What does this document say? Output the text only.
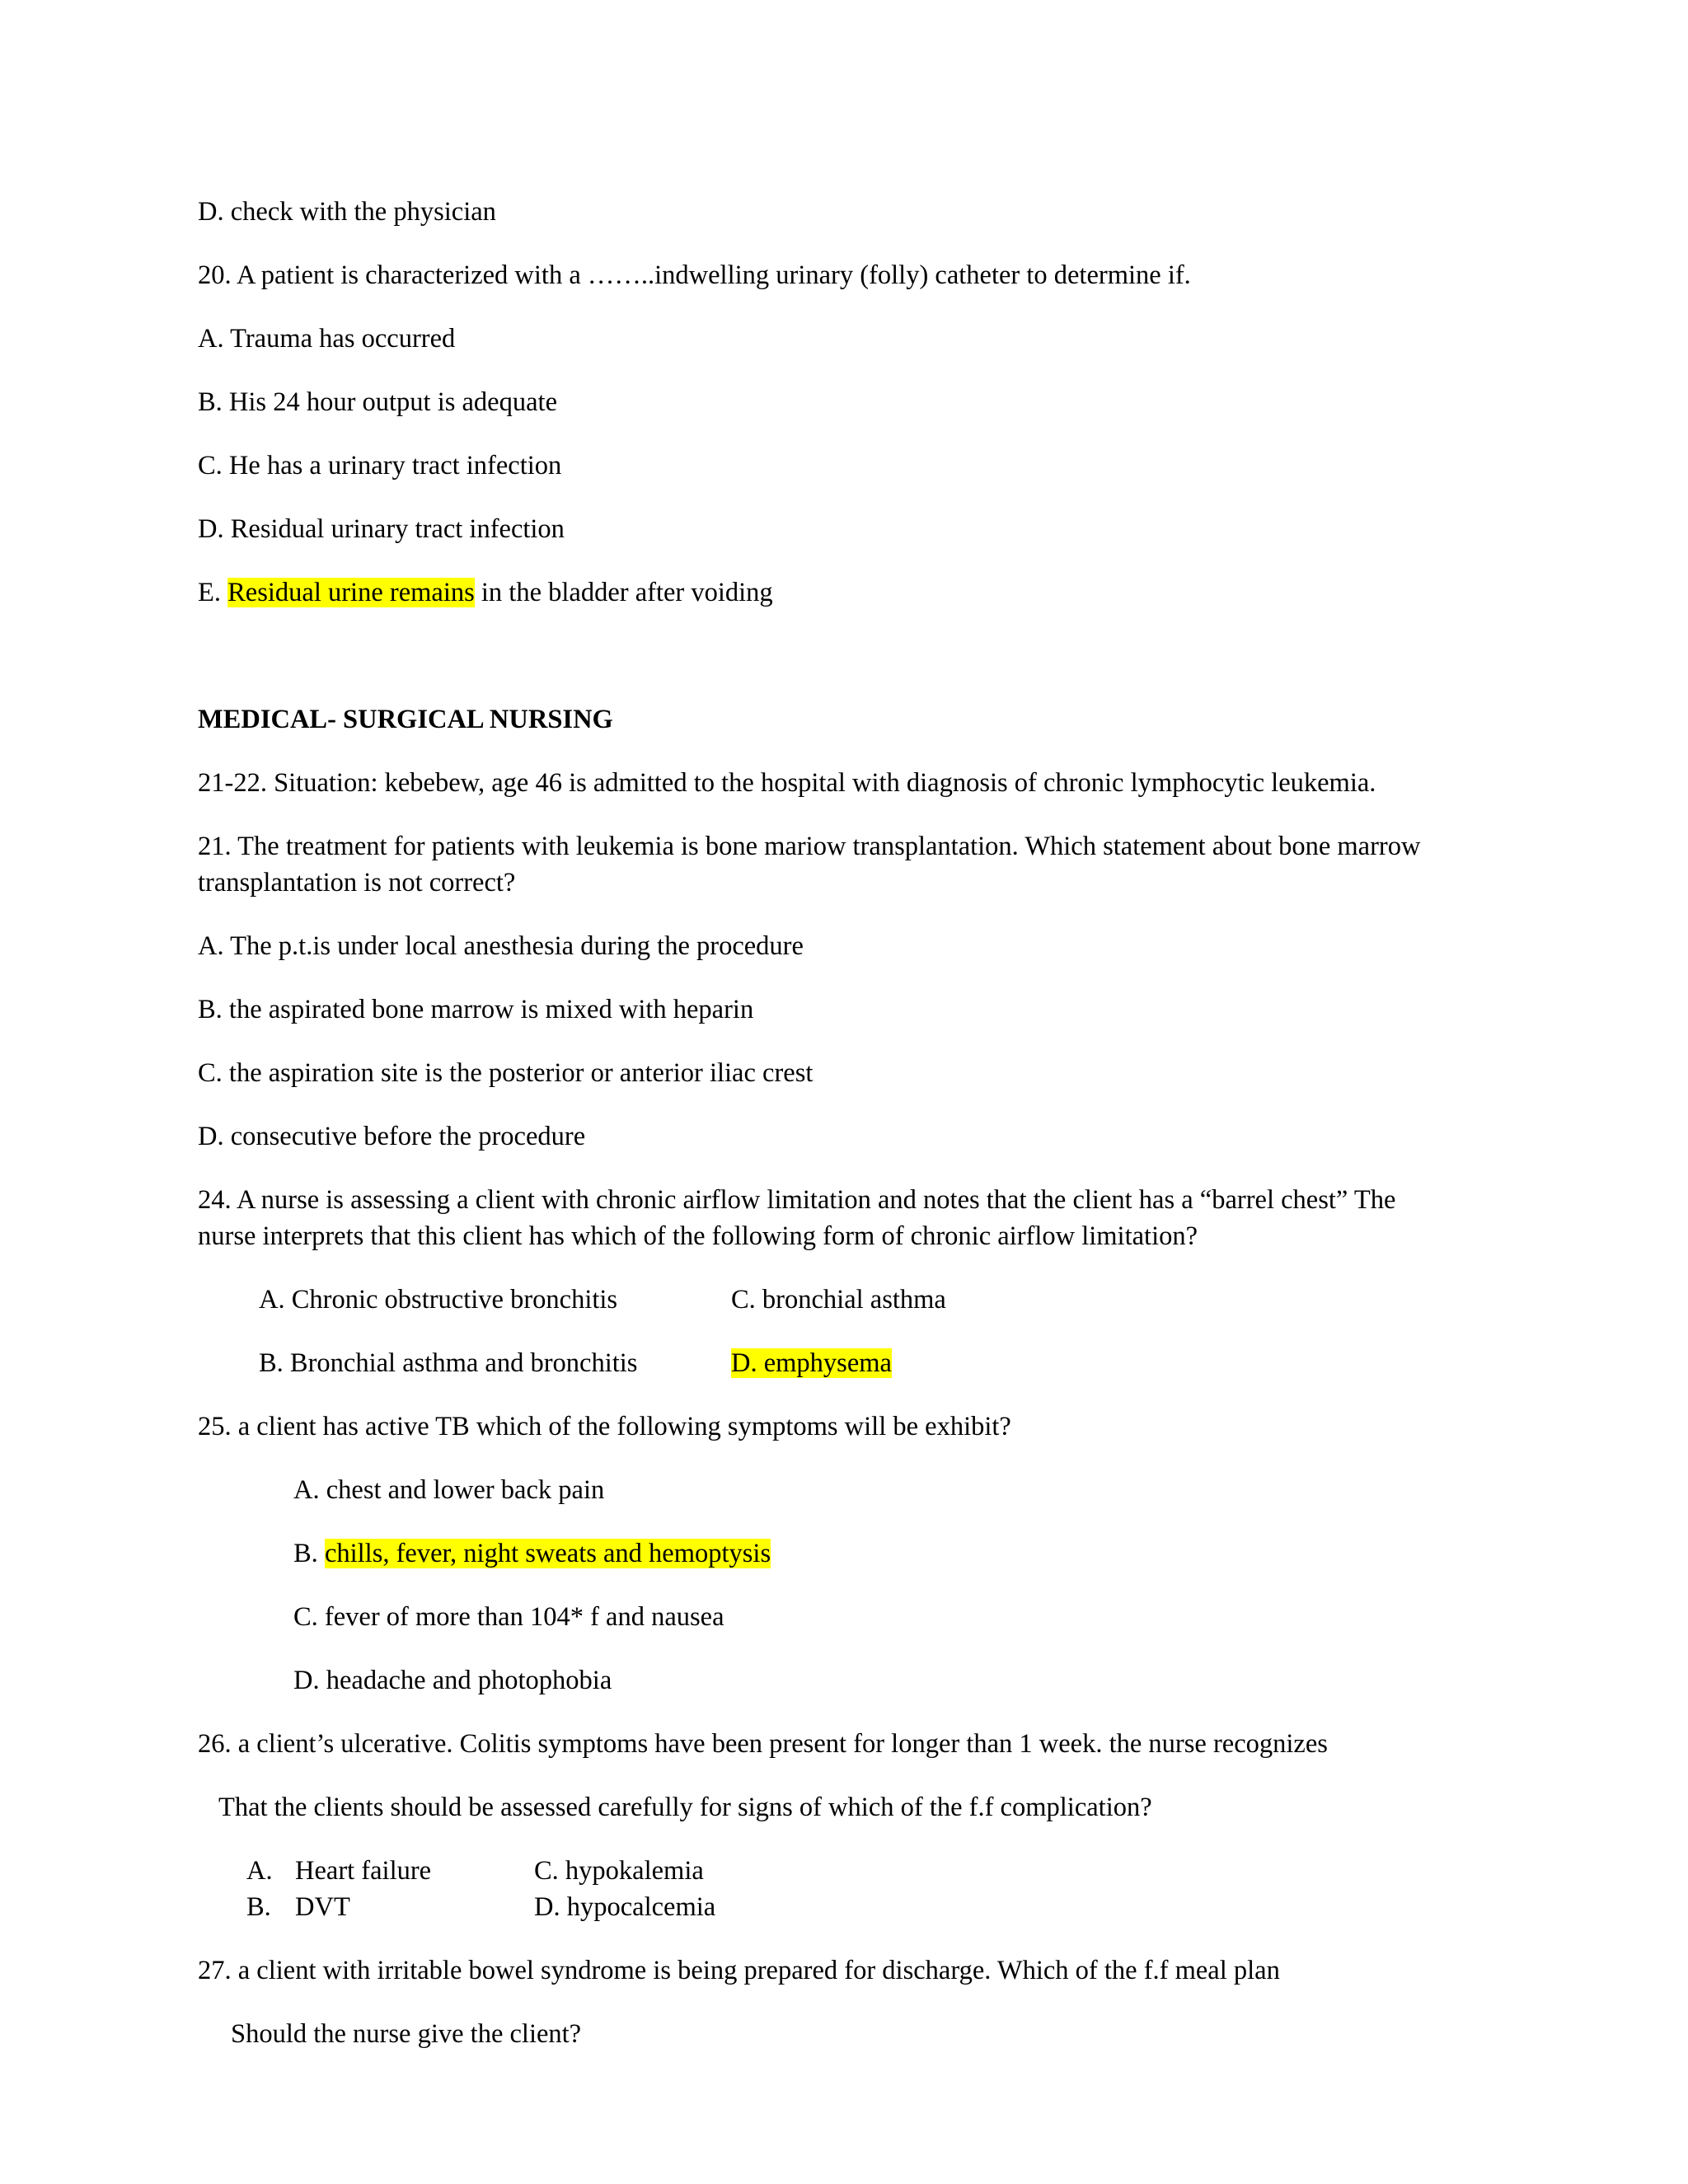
D. check with the physician
20. A patient is characterized with a ……..indwelling urinary (folly) catheter to determine if.
A. Trauma has occurred
B. His 24 hour output is adequate
C. He has a urinary tract infection
D. Residual urinary tract infection
E. Residual urine remains in the bladder after voiding
MEDICAL- SURGICAL NURSING
21-22. Situation: kebebew, age 46 is admitted to the hospital with diagnosis of chronic lymphocytic leukemia.
21. The treatment for patients with leukemia is bone mariow transplantation. Which statement about bone marrow
transplantation is not correct?
A. The p.t.is under local anesthesia during the procedure
B. the aspirated bone marrow is mixed with heparin
C. the aspiration site is the posterior or anterior iliac crest
D. consecutive before the procedure
24. A nurse is assessing a client with chronic airflow limitation and notes that the client has a “barrel chest” The
nurse interprets that this client has which of the following form of chronic airflow limitation?
A. Chronic obstructive bronchitis	C. bronchial asthma
B. Bronchial asthma and bronchitis	D. emphysema
25. a client has active TB which of the following symptoms will be exhibit?
A. chest and lower back pain
B. chills, fever, night sweats and hemoptysis
C. fever of more than 104* f and nausea
D. headache and photophobia
26. a client’s ulcerative. Colitis symptoms have been present for longer than 1 week. the nurse recognizes
That the clients should be assessed carefully for signs of which of the f.f complication?
A. Heart failure	C. hypokalemia
B. DVT	D. hypocalcemia
27. a client with irritable bowel syndrome is being prepared for discharge. Which of the f.f meal plan
Should the nurse give the client?
